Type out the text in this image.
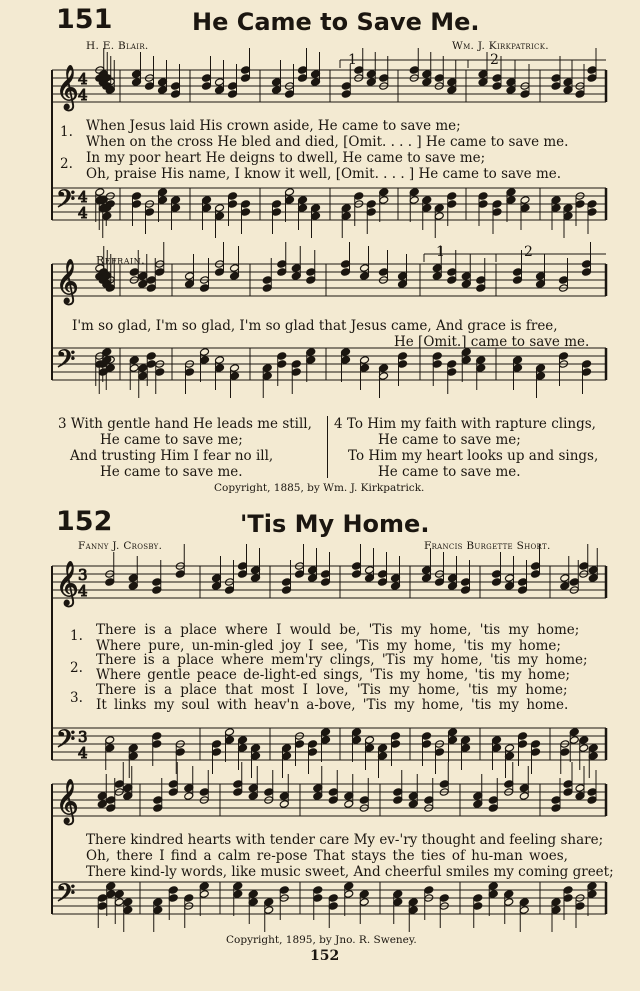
151	He Came to Save Me.
H. E. Blair.	Wm. J. Kirkpatrick.
𝄞
𝄢
4
4
4
4
𝄞
𝄢
𝄞
𝄢
3
4
3
4
𝄞
𝄢
1	2
1.
2.
When Jesus laid His crown aside, He came to save me;
When on the cross He bled and died, [Omit. . . . ] He came to save me.
In my poor heart He deigns to dwell, He came to save me;
Oh, praise His name, I know it well, [Omit. . . . ] He came to save me.
Refrain.
1	2
I'm so glad, I'm so glad, I'm so glad that Jesus came, And grace is free,
He [Omit.] came to save me.
3 With gentle hand He leads me still,
He came to save me;
And trusting Him I fear no ill,
He came to save me.
4 To Him my faith with rapture clings,
He came to save me;
To Him my heart looks up and sings,
He came to save me.
Copyright, 1885, by Wm. J. Kirkpatrick.
152	'Tis My Home.
Fanny J. Crosby.	Francis Burgette Short.
1.
2.
3.
There is a place where I would be, 'Tis my home, 'tis my home;
Where pure, un-min-gled joy I see, 'Tis my home, 'tis my home;
There is a place where mem'ry clings, 'Tis my home, 'tis my home;
Where gentle peace de-light-ed sings, 'Tis my home, 'tis my home;
There is a place that most I love, 'Tis my home, 'tis my home;
It links my soul with heav'n a-bove, 'Tis my home, 'tis my home.
There kindred hearts with tender care My ev-'ry thought and feeling share;
Oh, there I find a calm re-pose That stays the ties of hu-man woes,
There kind-ly words, like music sweet, And cheerful smiles my coming greet;
Copyright, 1895, by Jno. R. Sweney.
152
